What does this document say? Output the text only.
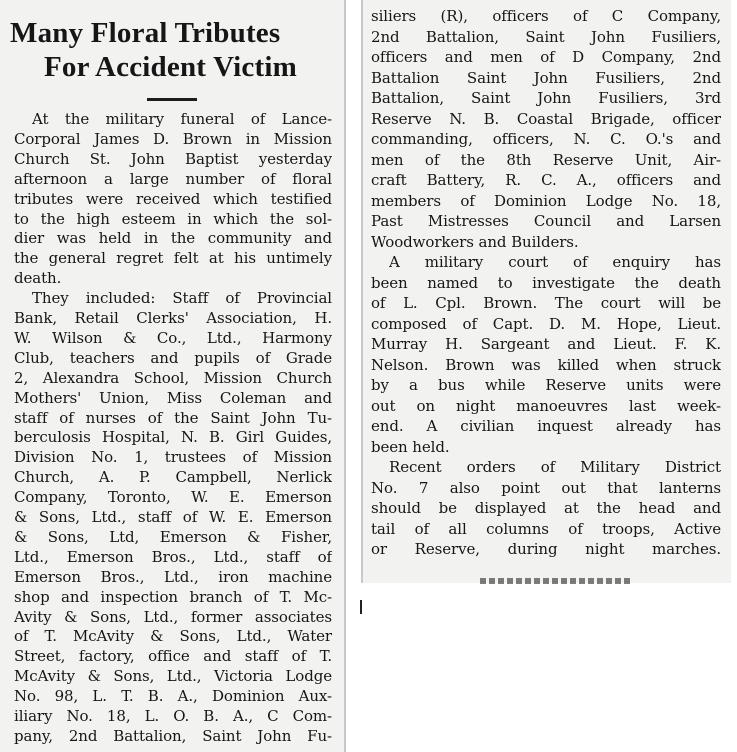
Many Floral Tributes
For Accident Victim
At the military funeral of Lance-
Corporal James D. Brown in Mission
Church St. John Baptist yesterday
afternoon a large number of floral
tributes were received which testified
to the high esteem in which the sol-
dier was held in the community and
the general regret felt at his untimely
death.
They included: Staff of Provincial
Bank, Retail Clerks' Association, H.
W. Wilson & Co., Ltd., Harmony
Club, teachers and pupils of Grade
2, Alexandra School, Mission Church
Mothers' Union, Miss Coleman and
staff of nurses of the Saint John Tu-
berculosis Hospital, N. B. Girl Guides,
Division No. 1, trustees of Mission
Church, A. P. Campbell, Nerlick
Company, Toronto, W. E. Emerson
& Sons, Ltd., staff of W. E. Emerson
& Sons, Ltd, Emerson & Fisher,
Ltd., Emerson Bros., Ltd., staff of
Emerson Bros., Ltd., iron machine
shop and inspection branch of T. Mc-
Avity & Sons, Ltd., former associates
of T. McAvity & Sons, Ltd., Water
Street, factory, office and staff of T.
McAvity & Sons, Ltd., Victoria Lodge
No. 98, L. T. B. A., Dominion Aux-
iliary No. 18, L. O. B. A., C Com-
pany, 2nd Battalion, Saint John Fu-
siliers (R), officers of C Company,
2nd Battalion, Saint John Fusiliers,
officers and men of D Company, 2nd
Battalion Saint John Fusiliers, 2nd
Battalion, Saint John Fusiliers, 3rd
Reserve N. B. Coastal Brigade, officer
commanding, officers, N. C. O.'s and
men of the 8th Reserve Unit, Air-
craft Battery, R. C. A., officers and
members of Dominion Lodge No. 18,
Past Mistresses Council and Larsen
Woodworkers and Builders.
A military court of enquiry has
been named to investigate the death
of L. Cpl. Brown. The court will be
composed of Capt. D. M. Hope, Lieut.
Murray H. Sargeant and Lieut. F. K.
Nelson. Brown was killed when struck
by a bus while Reserve units were
out on night manoeuvres last week-
end. A civilian inquest already has
been held.
Recent orders of Military District
No. 7 also point out that lanterns
should be displayed at the head and
tail of all columns of troops, Active
or Reserve, during night marches.
